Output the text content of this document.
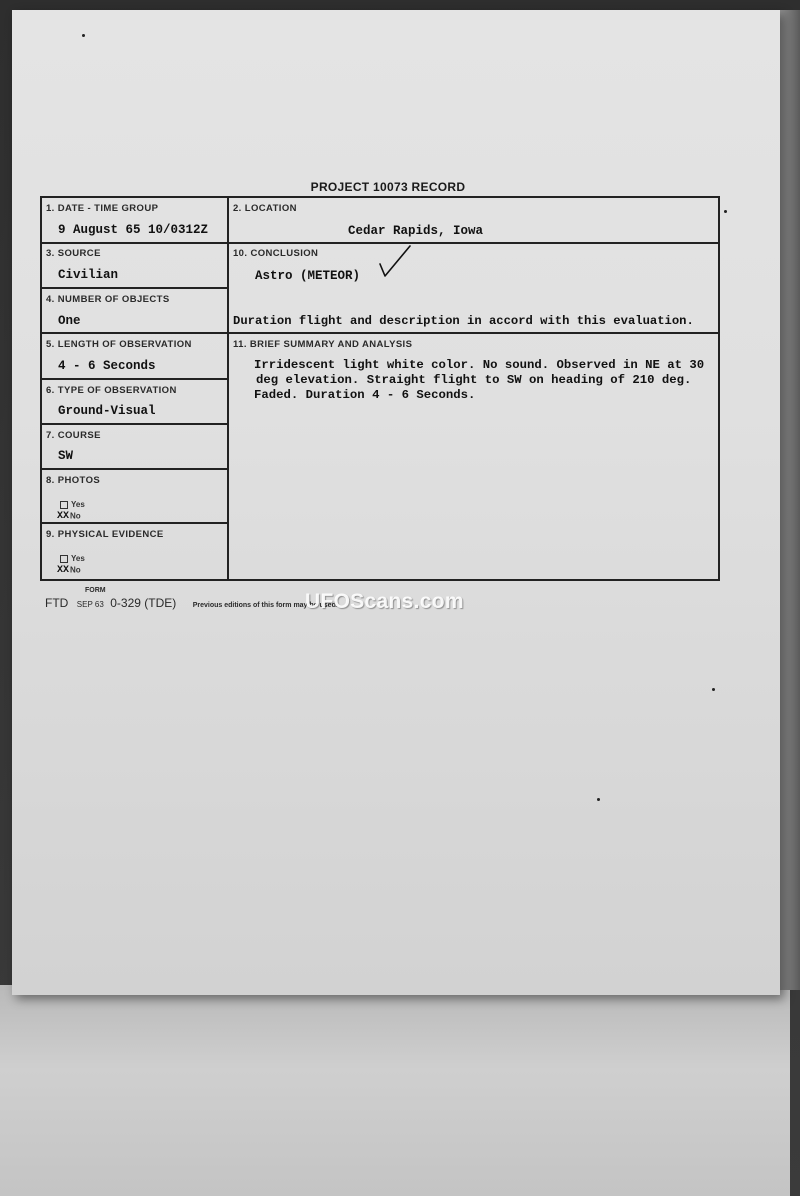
PROJECT 10073 RECORD
1. DATE - TIME GROUP
9 August 65 10/0312Z
3. SOURCE
Civilian
4. NUMBER OF OBJECTS
One
5. LENGTH OF OBSERVATION
4 - 6 Seconds
6. TYPE OF OBSERVATION
Ground-Visual
7. COURSE
SW
8. PHOTOS
Yes
XXNo
9. PHYSICAL EVIDENCE
Yes
XXNo
2. LOCATION
Cedar Rapids, Iowa
10. CONCLUSION
Astro (METEOR)
Duration flight and description in accord with this evaluation.
11. BRIEF SUMMARY AND ANALYSIS
Irridescent light white color. No sound. Observed in NE at 30
deg elevation. Straight flight to SW on heading of 210 deg.
Faded. Duration 4 - 6 Seconds.
FORM
FTD SEP 63 0-329 (TDE) Previous editions of this form may be used.
UFOScans.com
